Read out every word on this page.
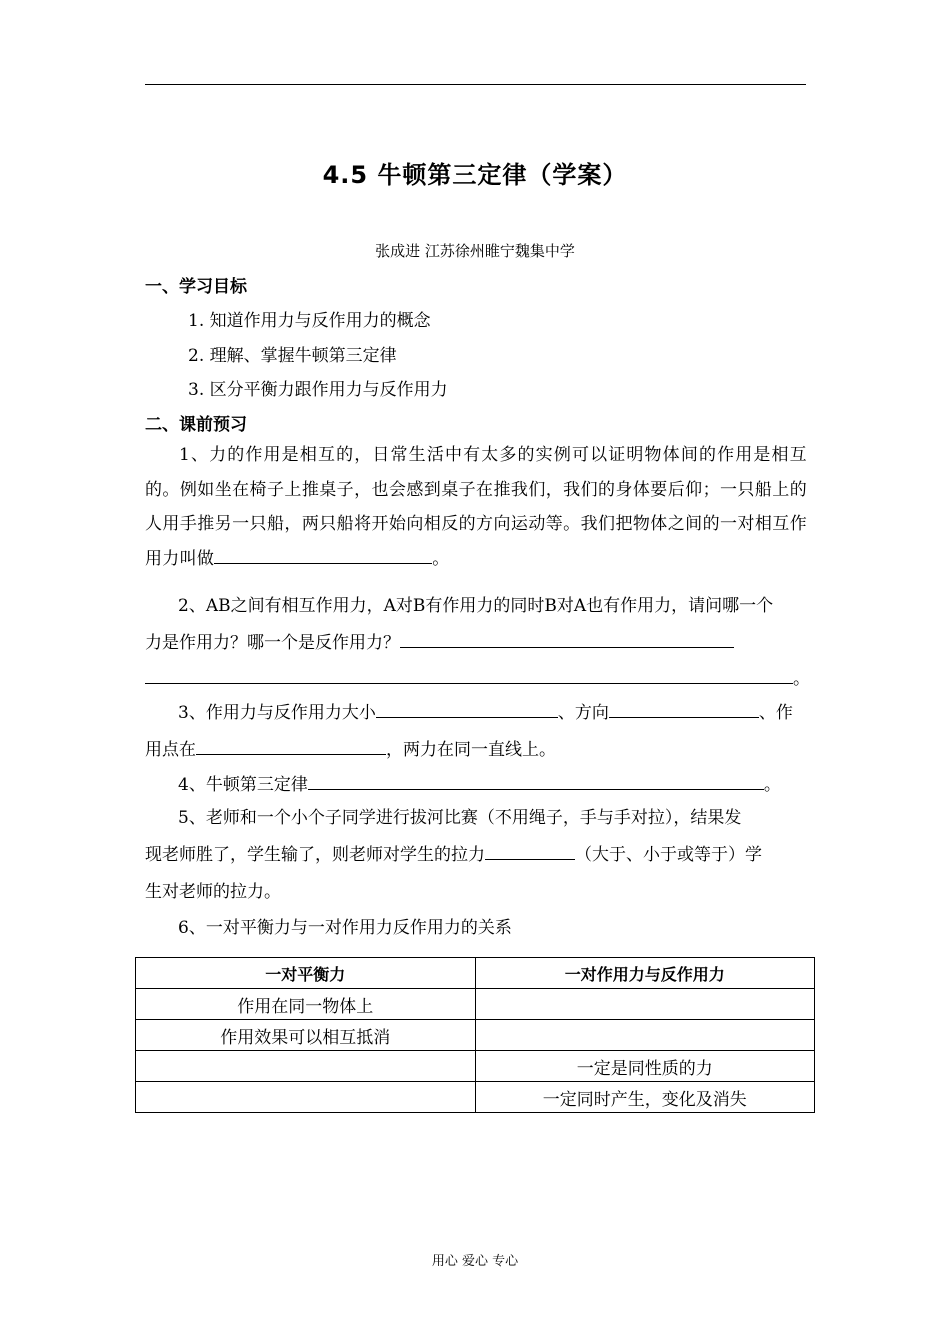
4.5 牛顿第三定律（学案）
张成进 江苏徐州睢宁魏集中学
一、学习目标
1. 知道作用力与反作用力的概念
2. 理解、掌握牛顿第三定律
3. 区分平衡力跟作用力与反作用力
二、课前预习
1、力的作用是相互的，日常生活中有太多的实例可以证明物体间的作用是相互的。例如坐在椅子上推桌子，也会感到桌子在推我们，我们的身体要后仰；一只船上的人用手推另一只船，两只船将开始向相反的方向运动等。我们把物体之间的一对相互作用力叫做	。
2、AB之间有相互作用力，A对B有作用力的同时B对A也有作用力，请问哪一个
力是作用力？哪一个是反作用力？
。
3、作用力与反作用力大小	、方向	、作
用点在	，两力在同一直线上。
4、牛顿第三定律	。
5、老师和一个小个子同学进行拔河比赛（不用绳子，手与手对拉），结果发
现老师胜了，学生输了，则老师对学生的拉力	（大于、小于或等于）学
生对老师的拉力。
6、一对平衡力与一对作用力反作用力的关系
一对平衡力	一对作用力与反作用力
作用在同一物体上	
作用效果可以相互抵消	
	一定是同性质的力
	一定同时产生，变化及消失
用心 爱心 专心
